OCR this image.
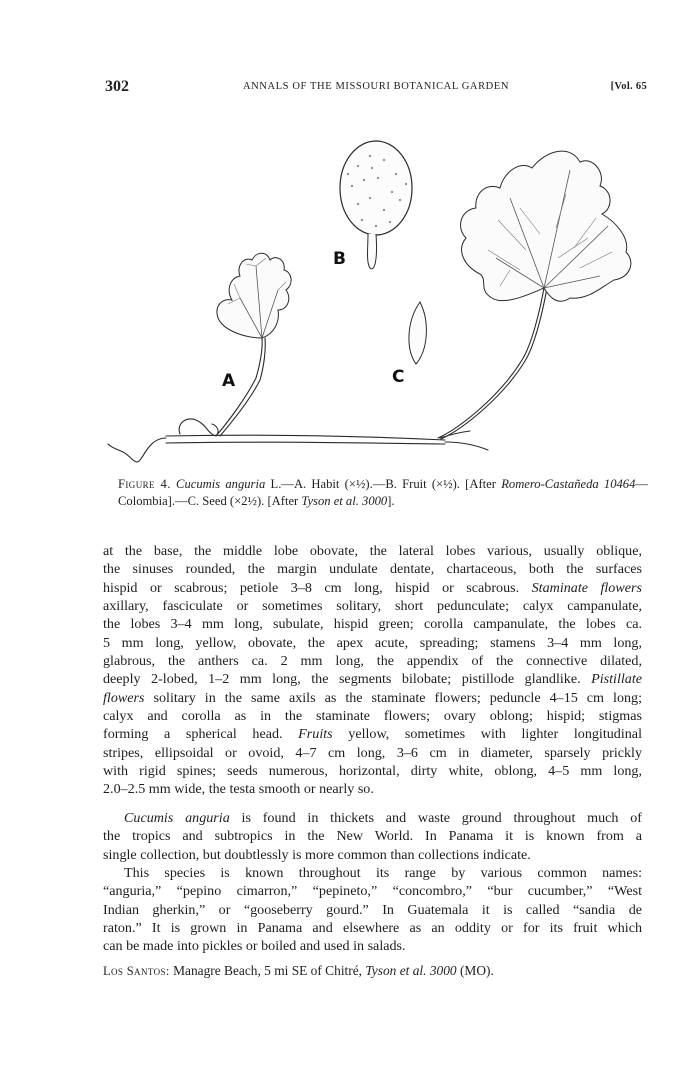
302	ANNALS OF THE MISSOURI BOTANICAL GARDEN	[Vol. 65
B
A	C
Figure 4. Cucumis anguria L.—A. Habit (×½).—B. Fruit (×½). [After Romero-Castañeda 10464—Colombia].—C. Seed (×2½). [After Tyson et al. 3000].
at the base, the middle lobe obovate, the lateral lobes various, usually oblique,
the sinuses rounded, the margin undulate dentate, chartaceous, both the surfaces
hispid or scabrous; petiole 3–8 cm long, hispid or scabrous. Staminate flowers
axillary, fasciculate or sometimes solitary, short pedunculate; calyx campanulate,
the lobes 3–4 mm long, subulate, hispid green; corolla campanulate, the lobes ca.
5 mm long, yellow, obovate, the apex acute, spreading; stamens 3–4 mm long,
glabrous, the anthers ca. 2 mm long, the appendix of the connective dilated,
deeply 2-lobed, 1–2 mm long, the segments bilobate; pistillode glandlike. Pistillate
flowers solitary in the same axils as the staminate flowers; peduncle 4–15 cm long;
calyx and corolla as in the staminate flowers; ovary oblong; hispid; stigmas
forming a spherical head. Fruits yellow, sometimes with lighter longitudinal
stripes, ellipsoidal or ovoid, 4–7 cm long, 3–6 cm in diameter, sparsely prickly
with rigid spines; seeds numerous, horizontal, dirty white, oblong, 4–5 mm long,
2.0–2.5 mm wide, the testa smooth or nearly so.
Cucumis anguria is found in thickets and waste ground throughout much of
the tropics and subtropics in the New World. In Panama it is known from a
single collection, but doubtlessly is more common than collections indicate.
This species is known throughout its range by various common names:
“anguria,” “pepino cimarron,” “pepineto,” “concombro,” “bur cucumber,” “West
Indian gherkin,” or “gooseberry gourd.” In Guatemala it is called “sandia de
raton.” It is grown in Panama and elsewhere as an oddity or for its fruit which
can be made into pickles or boiled and used in salads.
Los Santos: Managre Beach, 5 mi SE of Chitré, Tyson et al. 3000 (MO).
